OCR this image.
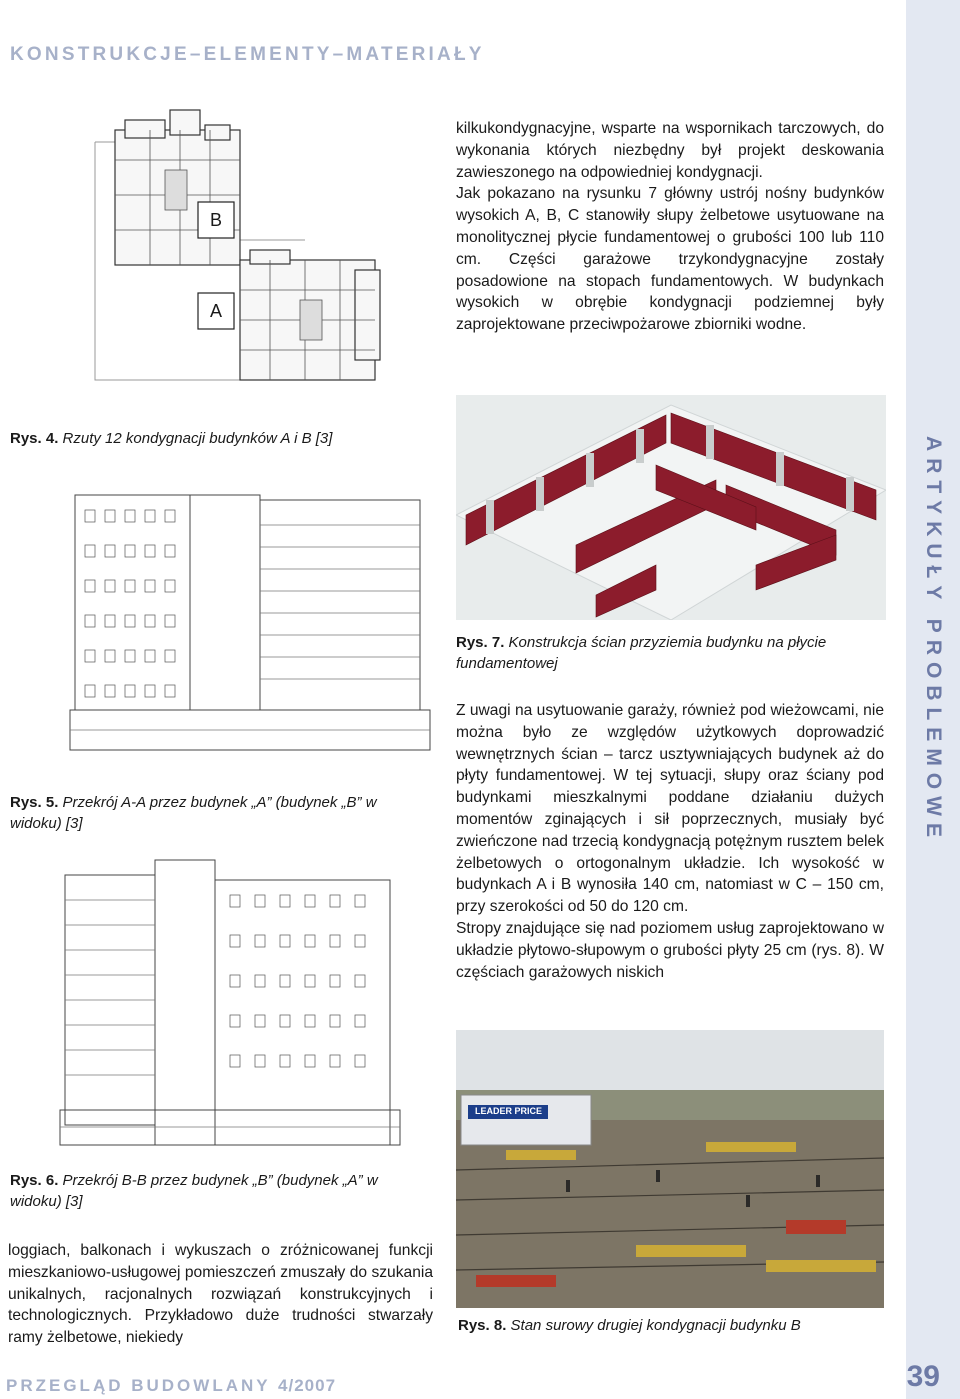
KONSTRUKCJE–ELEMENTY–MATERIAŁY
ARTYKUŁY PROBLEMOWE
B
A
Rys. 4. Rzuty 12 kondygnacji budynków A i B [3]
Rys. 5. Przekrój A-A przez budynek „A” (budynek „B” w widoku) [3]
Rys. 6. Przekrój B-B przez budynek „B” (budynek „A” w widoku) [3]

loggiach, balkonach i wykuszach o zróżnicowanej funkcji mieszkaniowo-usługowej pomieszczeń zmuszały do szukania unikalnych, racjonalnych rozwiązań konstrukcyjnych i technologicznych. Przykładowo duże trudności stwarzały ramy żelbetowe, niekiedy

kilkukondygnacyjne, wsparte na wspornikach tarczowych, do wykonania których niezbędny był projekt deskowania zawieszonego na odpowiedniej kondygnacji.

Jak pokazano na rysunku 7 główny ustrój nośny budynków wysokich A, B, C stanowiły słupy żelbetowe usytuowane na monolitycznej płycie fundamentowej o grubości 100 lub 110 cm. Części garażowe trzykondygnacyjne zostały posadowione na stopach fundamentowych. W budynkach wysokich w obrębie kondygnacji podziemnej były zaprojektowane przeciwpożarowe zbiorniki wodne.

Rys. 7. Konstrukcja ścian przyziemia budynku na płycie fundamentowej

Z uwagi na usytuowanie garaży, również pod wieżowcami, nie można było ze względów użytkowych doprowadzić wewnętrznych ścian – tarcz usztywniających budynek aż do płyty fundamentowej. W tej sytuacji, słupy oraz ściany pod budynkami mieszkalnymi poddane działaniu dużych momentów zginających i sił poprzecznych, musiały być zwieńczone nad trzecią kondygnacją potężnym rusztem belek żelbetowych o ortogonalnym układzie. Ich wysokość w budynkach A i B wynosiła 140 cm, natomiast w C – 150 cm, przy szerokości od 50 do 120 cm.

Stropy znajdujące się nad poziomem usług zaprojektowano w układzie płytowo-słupowym o grubości płyty 25 cm (rys. 8). W częściach garażowych niskich

LEADER PRICE
Rys. 8. Stan surowy drugiej kondygnacji budynku B
PRZEGLĄD BUDOWLANY 4/2007	39
